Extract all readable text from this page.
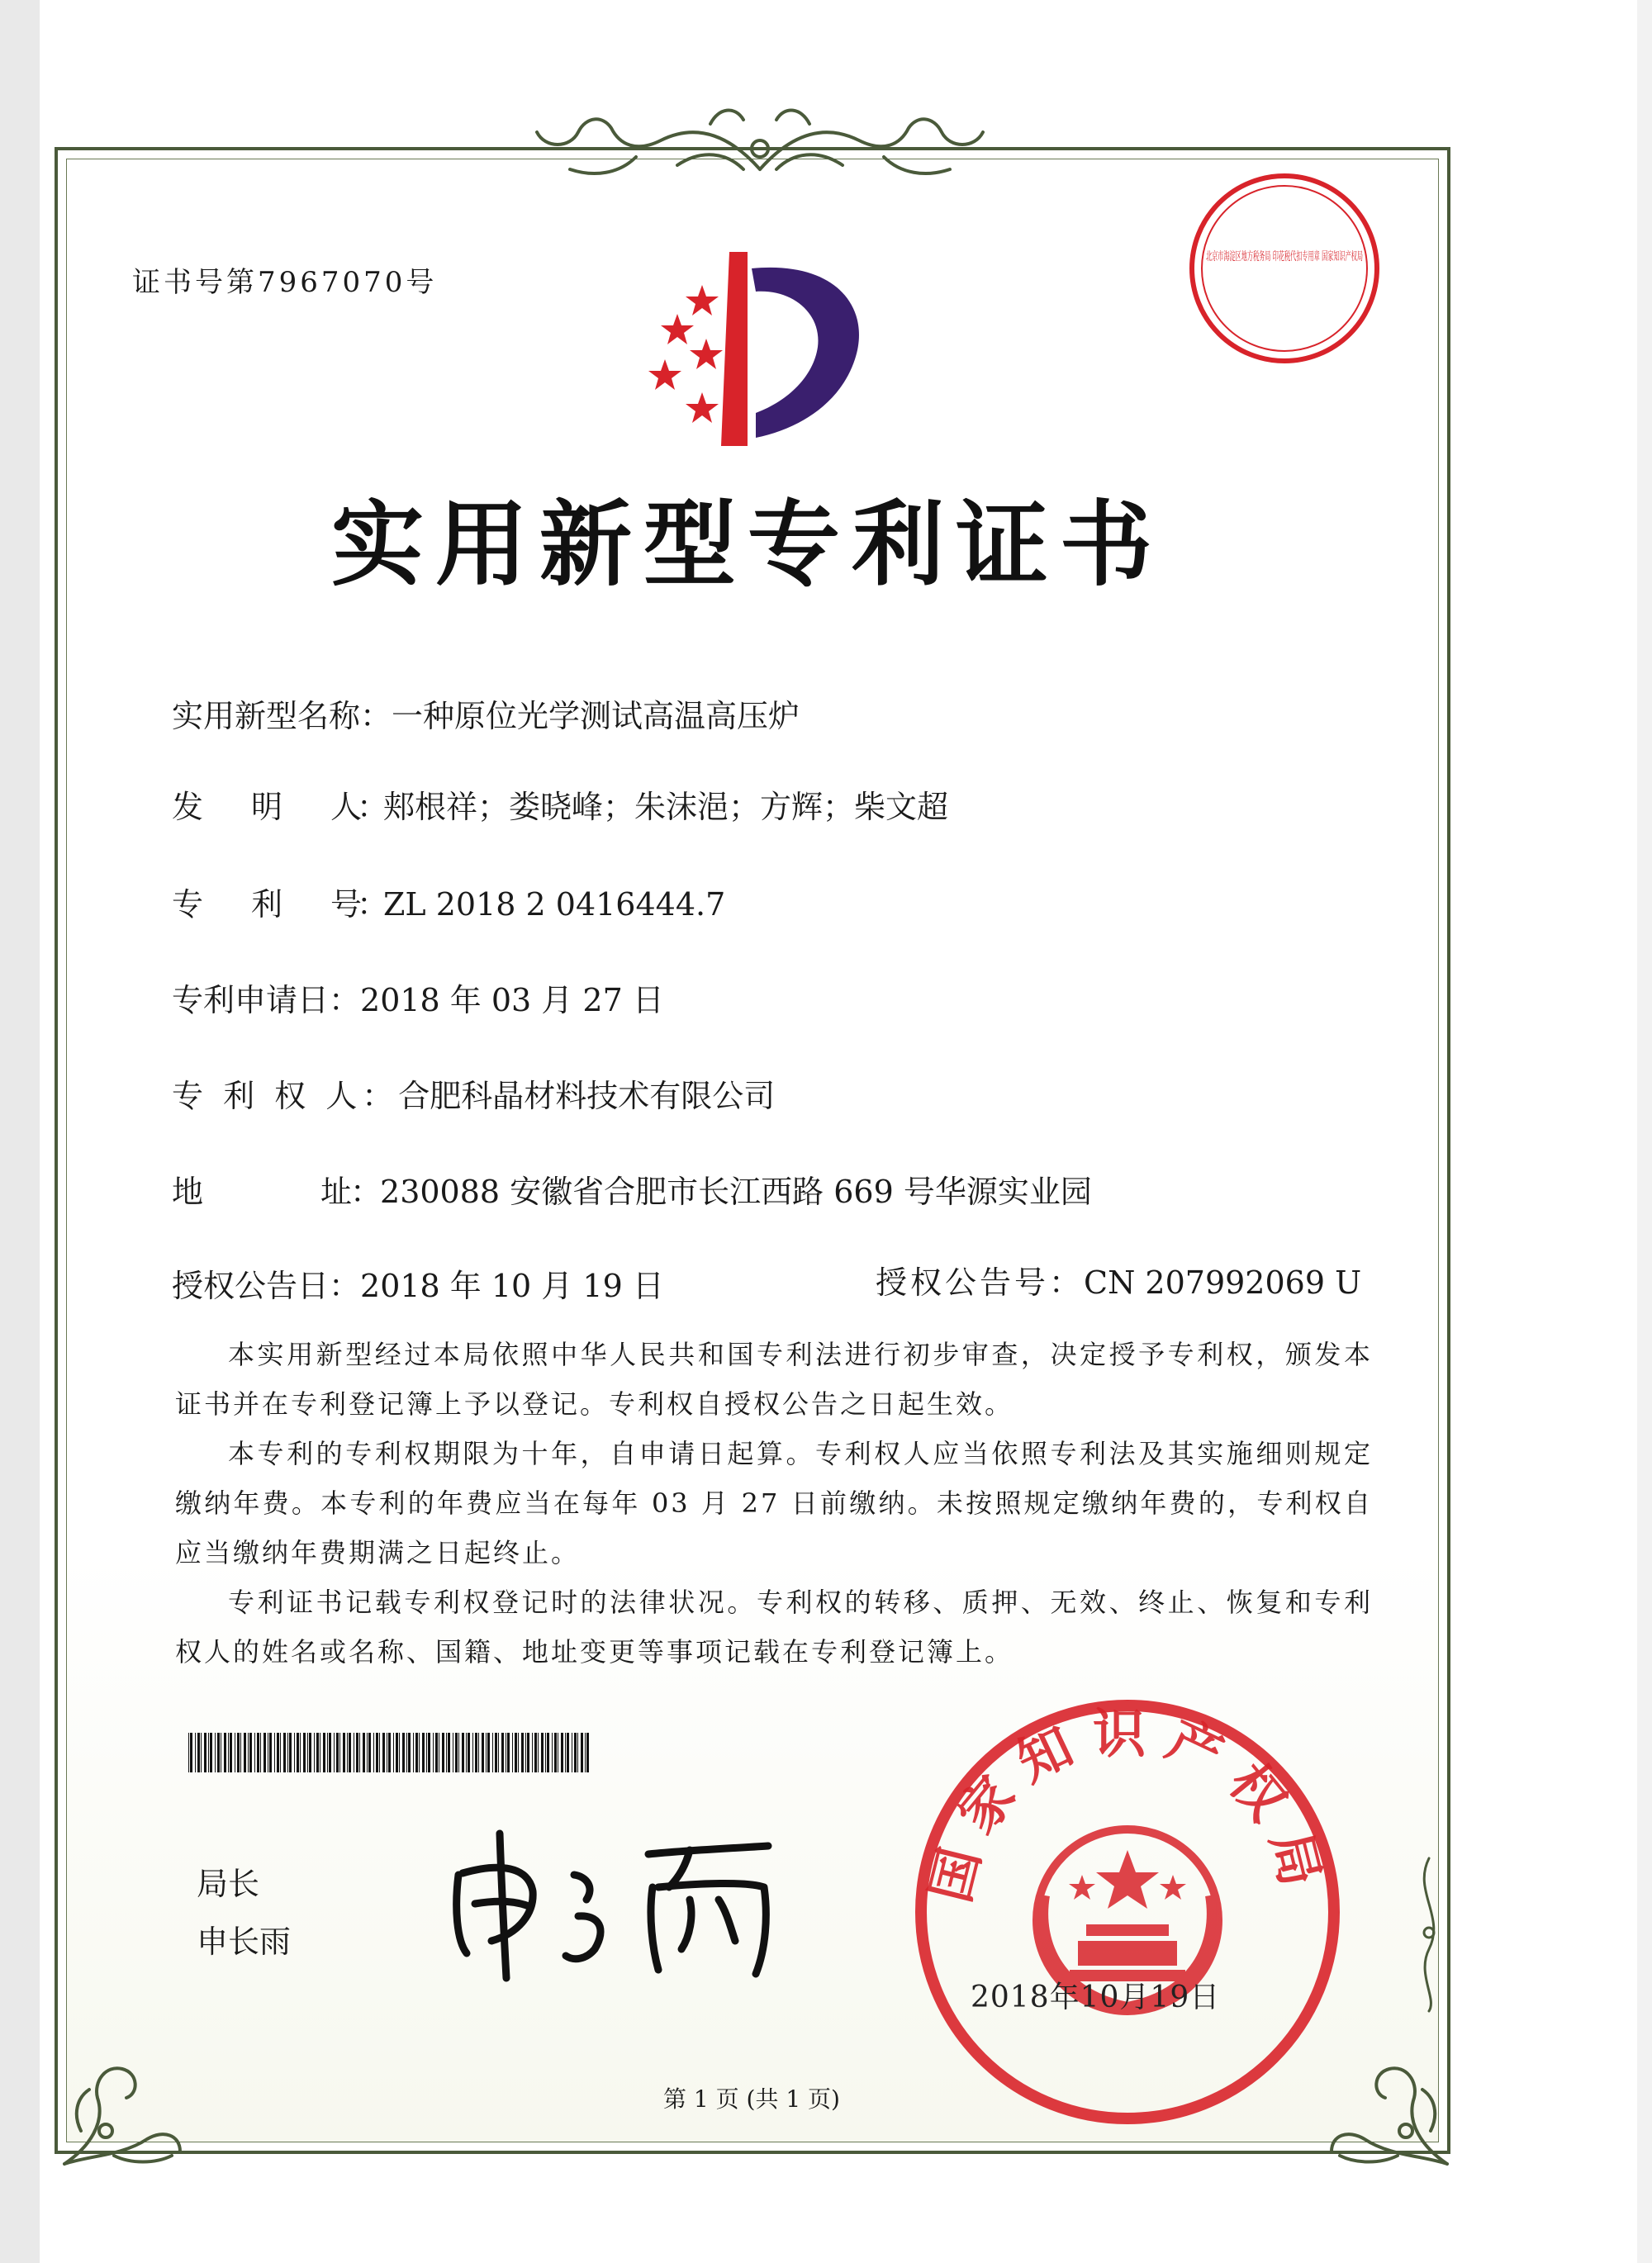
证书号第7967070号
实用新型专利证书
实用新型名称：一种原位光学测试高温高压炉
发　　明　　人：郏根祥；娄晓峰；朱沫浥；方辉；柴文超
专　　利　　号：ZL 2018 2 0416444.7
专利申请日：2018 年 03 月 27 日
专 利 权 人：合肥科晶材料技术有限公司
地　　　　址：230088 安徽省合肥市长江西路 669 号华源实业园
授权公告日：2018 年 10 月 19 日	授权公告号：CN 207992069 U
本实用新型经过本局依照中华人民共和国专利法进行初步审查，决定授予专利权，颁发本证书并在专利登记簿上予以登记。专利权自授权公告之日起生效。
本专利的专利权期限为十年，自申请日起算。专利权人应当依照专利法及其实施细则规定缴纳年费。本专利的年费应当在每年 03 月 27 日前缴纳。未按照规定缴纳年费的，专利权自应当缴纳年费期满之日起终止。
专利证书记载专利权登记时的法律状况。专利权的转移、质押、无效、终止、恢复和专利权人的姓名或名称、国籍、地址变更等事项记载在专利登记簿上。
局长
申长雨
国家知识产权局
2018年10月19日
北京市海淀区地方税务局 印花税代扣专用章 国家知识产权局
第 1 页 (共 1 页)
